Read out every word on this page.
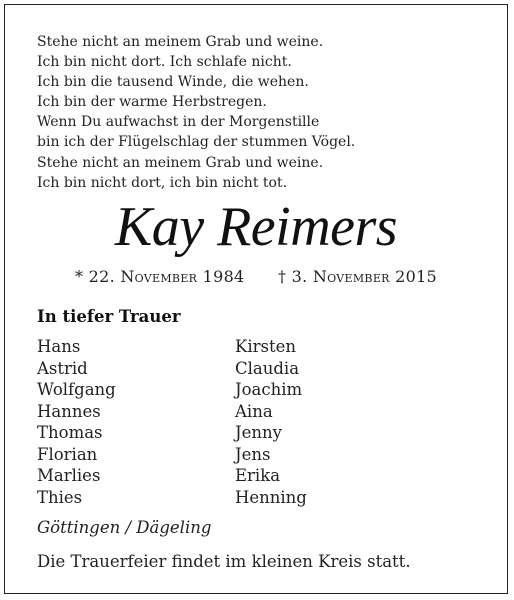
Stehe nicht an meinem Grab und weine.
Ich bin nicht dort. Ich schlafe nicht.
Ich bin die tausend Winde, die wehen.
Ich bin der warme Herbstregen.
Wenn Du aufwachst in der Morgenstille
bin ich der Flügelschlag der stummen Vögel.
Stehe nicht an meinem Grab und weine.
Ich bin nicht dort, ich bin nicht tot.
Kay Reimers
* 22. November 1984 † 3. November 2015
In tiefer Trauer
Hans
Astrid
Wolfgang
Hannes
Thomas
Florian
Marlies
Thies
Kirsten
Claudia
Joachim
Aina
Jenny
Jens
Erika
Henning
Göttingen / Dägeling
Die Trauerfeier findet im kleinen Kreis statt.
